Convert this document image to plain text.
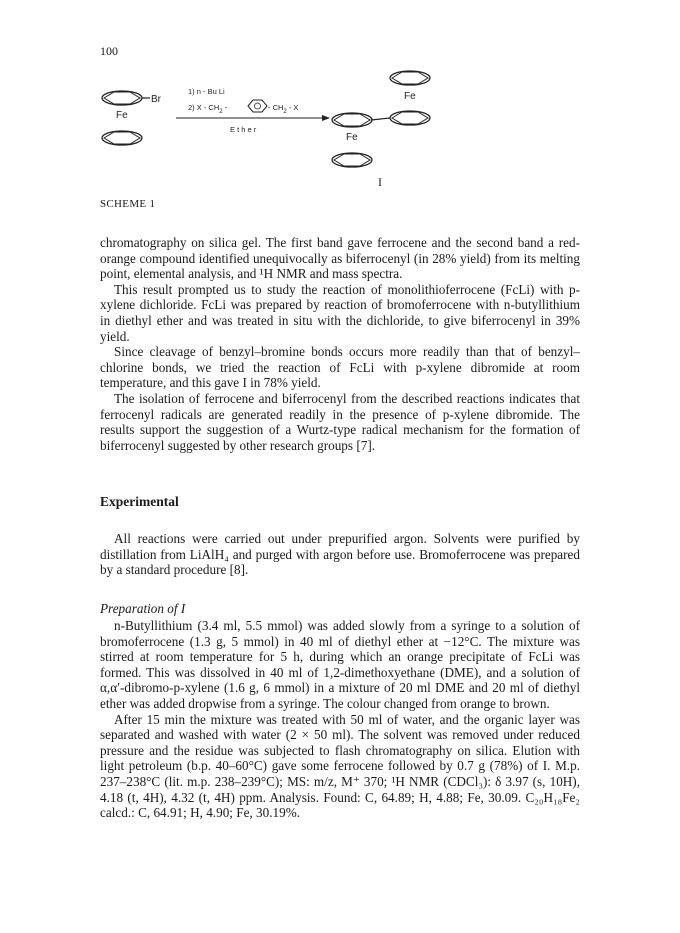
100
Br
Fe
1) n - Bu Li
2) X - $CH_2$ -	- $CH_2$ - X
E t h e r
Fe
Fe
I
SCHEME 1

chromatography on silica gel. The first band gave ferrocene and the second band a red-orange compound identified unequivocally as biferrocenyl (in 28% yield) from its melting point, elemental analysis, and ¹H NMR and mass spectra.

This result prompted us to study the reaction of monolithioferrocene (FcLi) with p-xylene dichloride. FcLi was prepared by reaction of bromoferrocene with n-butyllithium in diethyl ether and was treated in situ with the dichloride, to give biferrocenyl in 39% yield.

Since cleavage of benzyl–bromine bonds occurs more readily than that of benzyl–chlorine bonds, we tried the reaction of FcLi with p-xylene dibromide at room temperature, and this gave I in 78% yield.

The isolation of ferrocene and biferrocenyl from the described reactions indicates that ferrocenyl radicals are generated readily in the presence of p-xylene dibromide. The results support the suggestion of a Wurtz-type radical mechanism for the formation of biferrocenyl suggested by other research groups [7].

Experimental

All reactions were carried out under prepurified argon. Solvents were purified by distillation from LiAlH₄ and purged with argon before use. Bromoferrocene was prepared by a standard procedure [8].

Preparation of I

n-Butyllithium (3.4 ml, 5.5 mmol) was added slowly from a syringe to a solution of bromoferrocene (1.3 g, 5 mmol) in 40 ml of diethyl ether at −12°C. The mixture was stirred at room temperature for 5 h, during which an orange precipitate of FcLi was formed. This was dissolved in 40 ml of 1,2-dimethoxyethane (DME), and a solution of α,α′-dibromo-p-xylene (1.6 g, 6 mmol) in a mixture of 20 ml DME and 20 ml of diethyl ether was added dropwise from a syringe. The colour changed from orange to brown.

After 15 min the mixture was treated with 50 ml of water, and the organic layer was separated and washed with water (2 × 50 ml). The solvent was removed under reduced pressure and the residue was subjected to flash chromatography on silica. Elution with light petroleum (b.p. 40–60°C) gave some ferrocene followed by 0.7 g (78%) of I. M.p. 237–238°C (lit. m.p. 238–239°C); MS: m/z, M⁺ 370; ¹H NMR (CDCl₃): δ 3.97 (s, 10H), 4.18 (t, 4H), 4.32 (t, 4H) ppm. Analysis. Found: C, 64.89; H, 4.88; Fe, 30.09. C₂₀H₁₈Fe₂ calcd.: C, 64.91; H, 4.90; Fe, 30.19%.
